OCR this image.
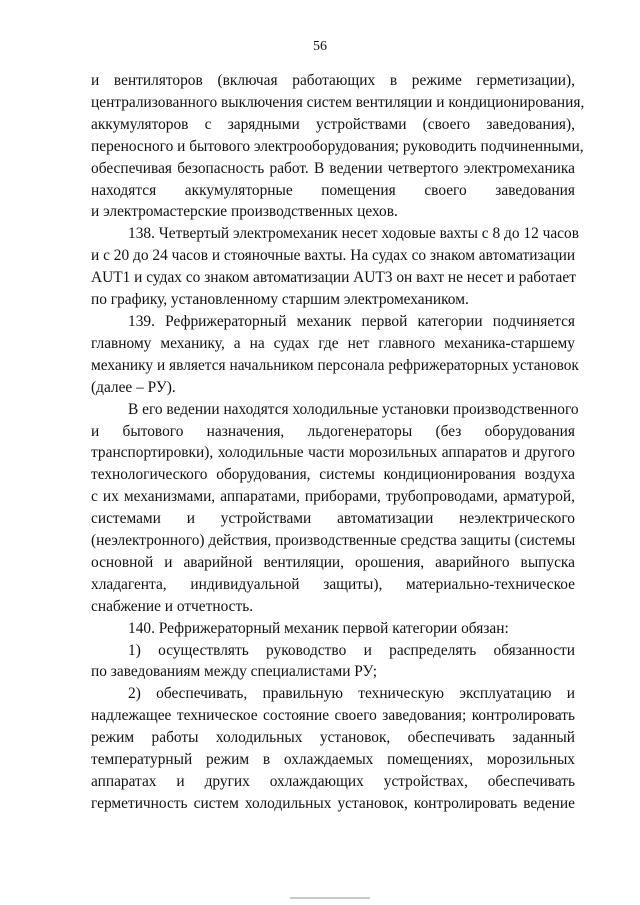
56
и вентиляторов (включая работающих в режиме герметизации),
централизованного выключения систем вентиляции и кондиционирования,
аккумуляторов с зарядными устройствами (своего заведования),
переносного и бытового электрооборудования; руководить подчиненными,
обеспечивая безопасность работ. В ведении четвертого электромеханика
находятся аккумуляторные помещения своего заведования
и электромастерские производственных цехов.
138. Четвертый электромеханик несет ходовые вахты с 8 до 12 часов
и с 20 до 24 часов и стояночные вахты. На судах со знаком автоматизации
AUT1 и судах со знаком автоматизации AUT3 он вахт не несет и работает
по графику, установленному старшим электромехаником.
139. Рефрижераторный механик первой категории подчиняется
главному механику, а на судах где нет главного механика-старшему
механику и является начальником персонала рефрижераторных установок
(далее – РУ).
В его ведении находятся холодильные установки производственного
и бытового назначения, льдогенераторы (без оборудования
транспортировки), холодильные части морозильных аппаратов и другого
технологического оборудования, системы кондиционирования воздуха
с их механизмами, аппаратами, приборами, трубопроводами, арматурой,
системами и устройствами автоматизации неэлектрического
(неэлектронного) действия, производственные средства защиты (системы
основной и аварийной вентиляции, орошения, аварийного выпуска
хладагента, индивидуальной защиты), материально-техническое
снабжение и отчетность.
140. Рефрижераторный механик первой категории обязан:
1) осуществлять руководство и распределять обязанности
по заведованиям между специалистами РУ;
2) обеспечивать, правильную техническую эксплуатацию и
надлежащее техническое состояние своего заведования; контролировать
режим работы холодильных установок, обеспечивать заданный
температурный режим в охлаждаемых помещениях, морозильных
аппаратах и других охлаждающих устройствах, обеспечивать
герметичность систем холодильных установок, контролировать ведение
